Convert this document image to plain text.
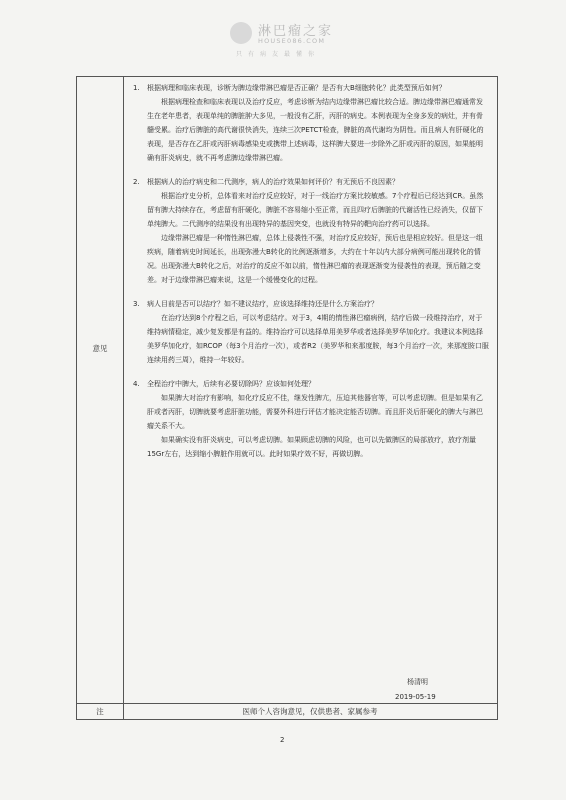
淋巴瘤之家
HOUSE086.COM
只有病友最懂你
意见
注

1. 根据病理和临床表现，诊断为脾边缘带淋巴瘤是否正确？是否有大B细胞转化？此类型预后如何？

根据病理检查和临床表现以及治疗反应，考虑诊断为结内边缘带淋巴瘤比较合适。脾边缘带淋巴瘤通常发生在老年患者，表现单纯的脾脏肿大多见，一般没有乙肝，丙肝的病史。本例表现为全身多发的病灶，并有骨髓受累。治疗后脾脏的高代谢很快消失，连续三次PETCT检查，脾脏的高代谢均为阴性。而且病人有肝硬化的表现，是否存在乙肝或丙肝病毒感染史或携带上述病毒，这样脾大要进一步除外乙肝或丙肝的原因，如果能明确有肝炎病史，就不再考虑脾边缘带淋巴瘤。

2. 根据病人的治疗病史和二代测序，病人的治疗效果如何评价？有无预后不良因素？

根据治疗史分析，总体看来对治疗反应较好，对于一线治疗方案比较敏感。7个疗程后已经达到CR。虽然留有脾大持续存在，考虑留有肝硬化，脾脏不容易缩小至正常，而且四疗后脾脏的代谢活性已经消失，仅留下单纯脾大。二代测序的结果没有出现特异的基因突变，也就没有特异的靶向治疗药可以选择。

边缘带淋巴瘤是一种惰性淋巴瘤，总体上侵袭性不强，对治疗反应较好，预后也是相应较好。但是这一组疾病，随着病史时间延长，出现弥漫大B转化的比例逐渐增多，大约在十年以内大部分病例可能出现转化的情况。出现弥漫大B转化之后，对治疗的反应不如以前，惰性淋巴瘤的表现逐渐变为侵袭性的表现，预后随之变差。对于边缘带淋巴瘤来说，这是一个缓慢变化的过程。

3. 病人目前是否可以结疗？如不建议结疗，应该选择维持还是什么方案治疗？

在治疗达到8个疗程之后，可以考虑结疗。对于3，4期的惰性淋巴瘤病例，结疗后做一段维持治疗，对于维持病情稳定，减少复发都是有益的。维持治疗可以选择单用美罗华或者选择美罗华加化疗。我建议本例选择美罗华加化疗，如RCOP（每3个月治疗一次），或者R2（美罗华和来那度胺，每3个月治疗一次，来那度胺口服连续用药三周），维持一年较好。

4. 全程治疗中脾大，后续有必要切除吗？应该如何处理？

如果脾大对治疗有影响，如化疗反应不佳，继发性脾亢，压迫其他器官等，可以考虑切脾。但是如果有乙肝或者丙肝，切脾就要考虑肝脏功能，需要外科进行评估才能决定能否切脾。而且肝炎后肝硬化的脾大与淋巴瘤关系不大。

如果确实没有肝炎病史，可以考虑切脾。如果顾虑切脾的风险，也可以先做脾区的局部放疗，放疗剂量15Gr左右，达到缩小脾脏作用就可以。此时如果疗效不好，再做切脾。

杨清明
2019-05-19
医师个人咨询意见，仅供患者、家属参考
2
